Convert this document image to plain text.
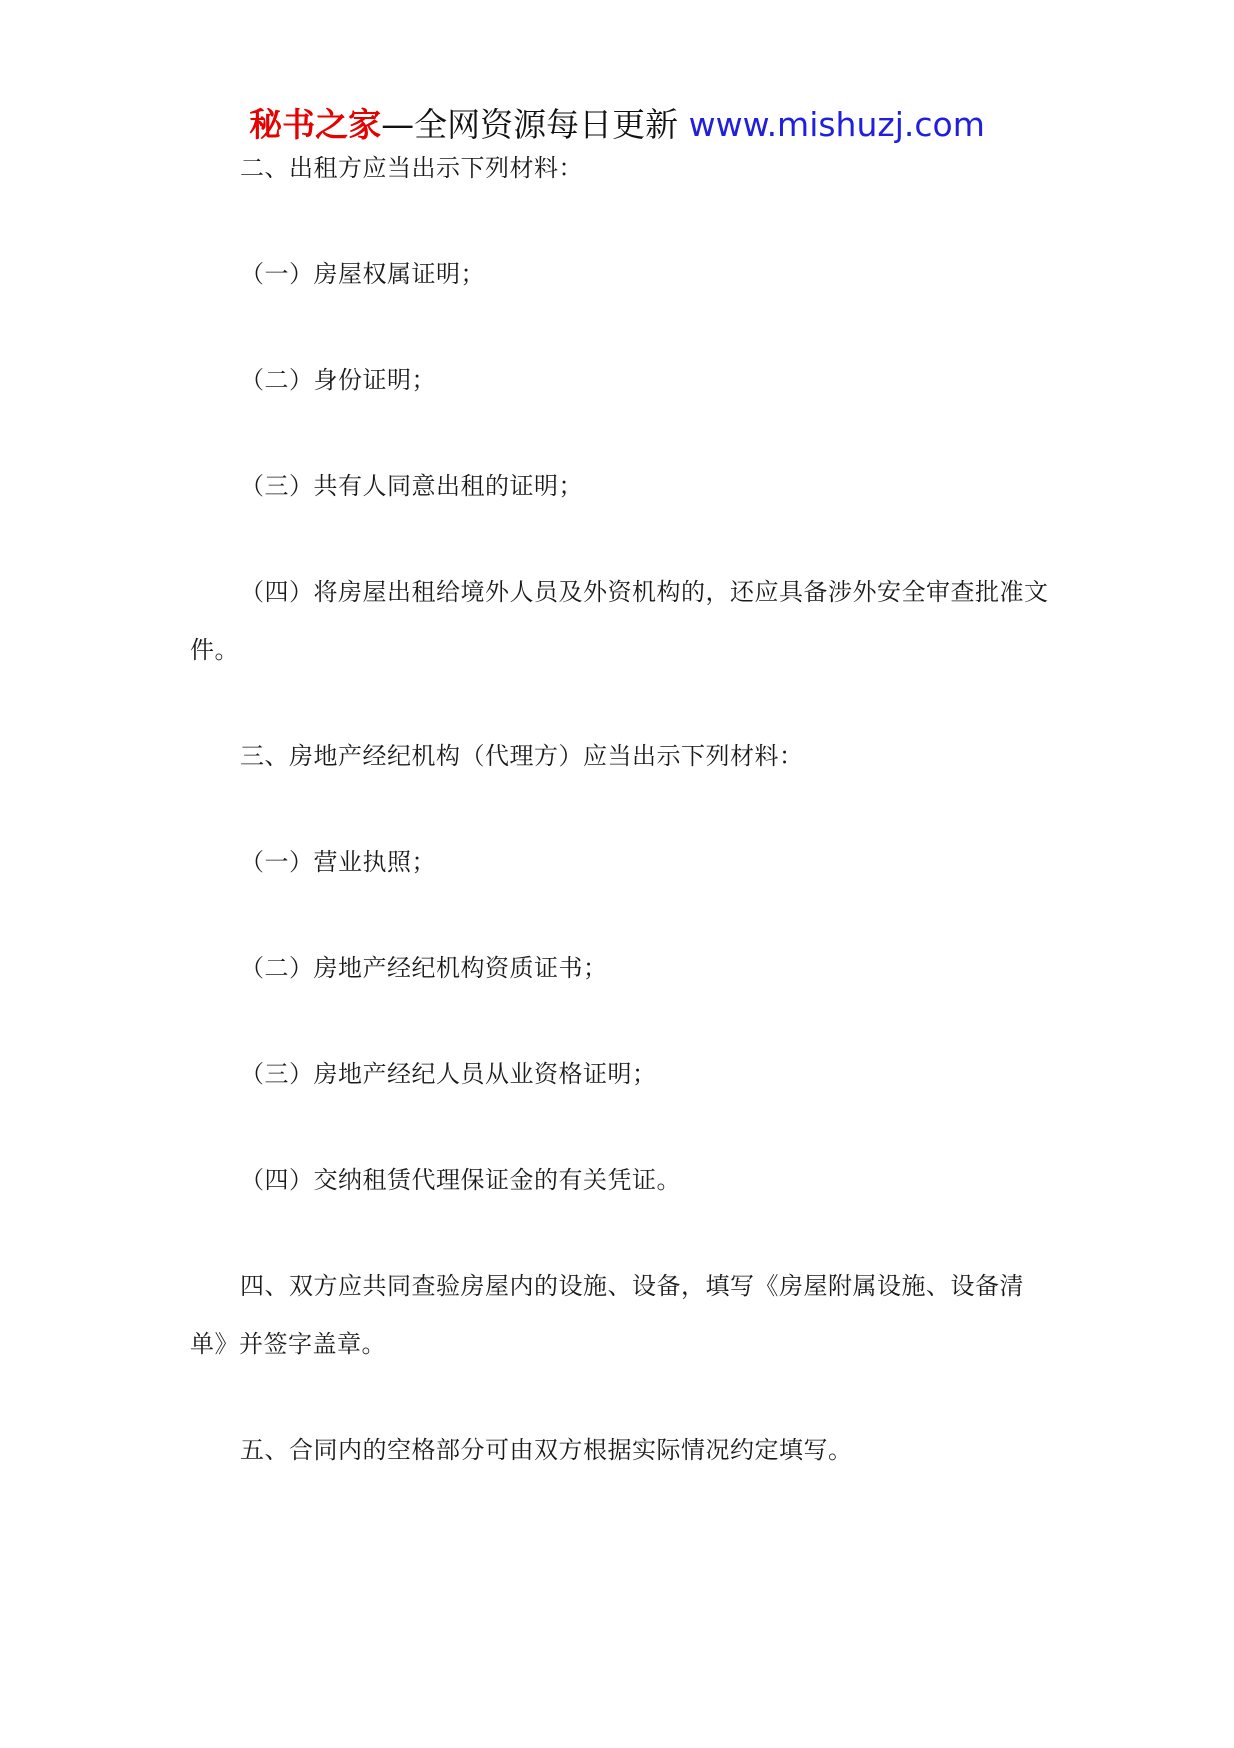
秘书之家—全网资源每日更新 www.mishuzj.com

二、出租方应当出示下列材料：

（一）房屋权属证明；

（二）身份证明；

（三）共有人同意出租的证明；

（四）将房屋出租给境外人员及外资机构的，还应具备涉外安全审查批准文件。

三、房地产经纪机构（代理方）应当出示下列材料：

（一）营业执照；

（二）房地产经纪机构资质证书；

（三）房地产经纪人员从业资格证明；

（四）交纳租赁代理保证金的有关凭证。

四、双方应共同查验房屋内的设施、设备，填写《房屋附属设施、设备清单》并签字盖章。

五、合同内的空格部分可由双方根据实际情况约定填写。
